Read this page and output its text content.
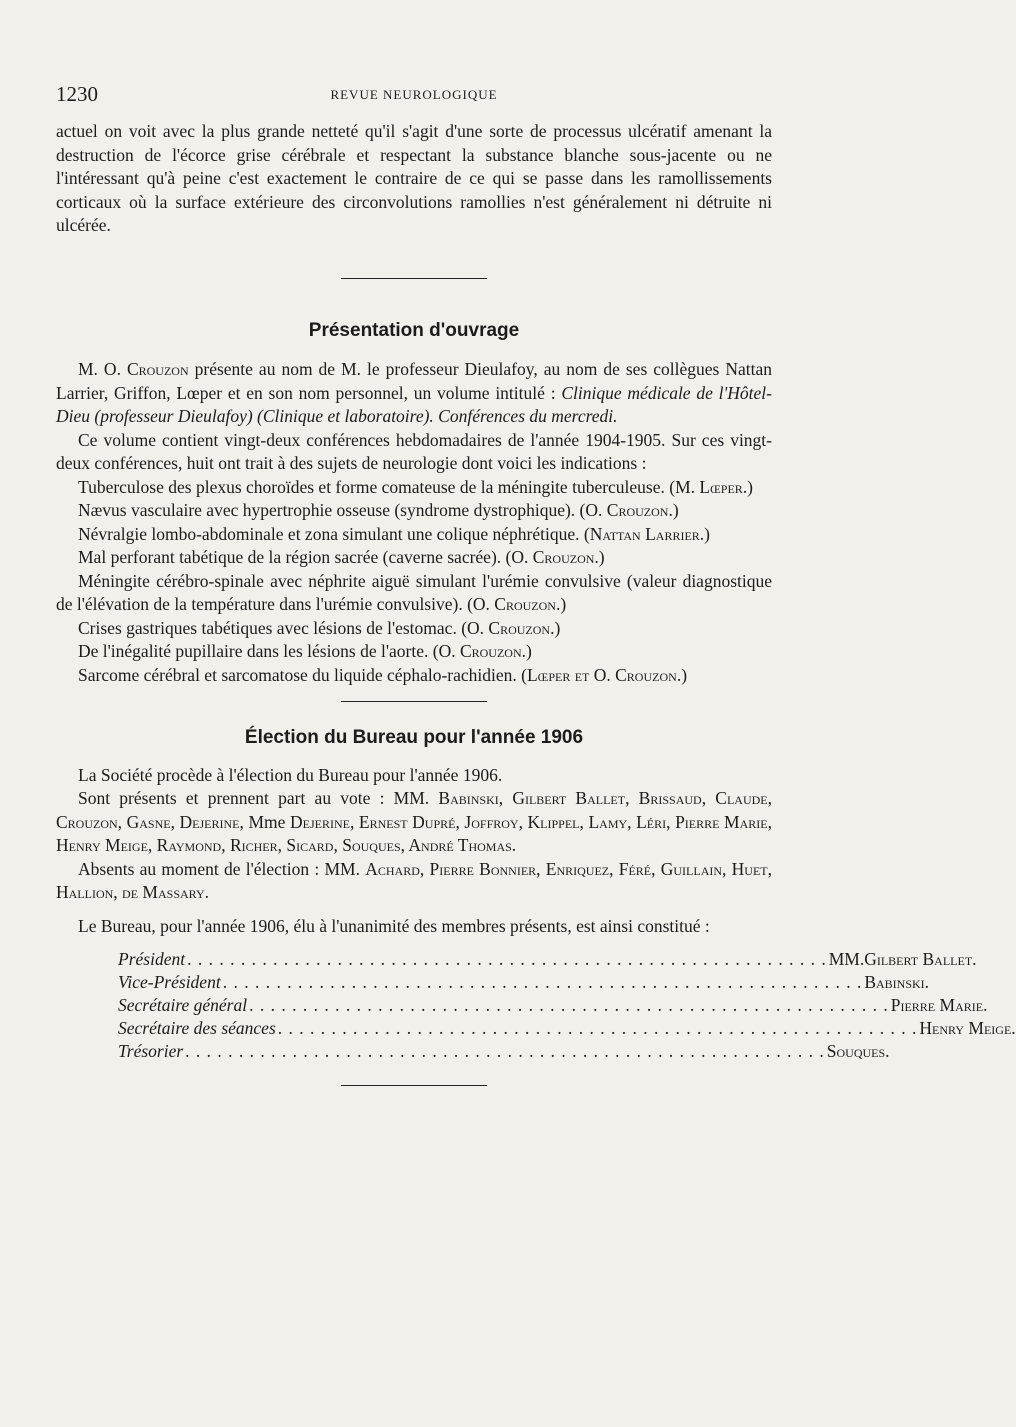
1230	REVUE NEUROLOGIQUE

actuel on voit avec la plus grande netteté qu'il s'agit d'une sorte de processus ulcératif amenant la destruction de l'écorce grise cérébrale et respectant la substance blanche sous-jacente ou ne l'intéressant qu'à peine c'est exactement le contraire de ce qui se passe dans les ramollissements corticaux où la surface extérieure des circonvolutions ramollies n'est généralement ni détruite ni ulcérée.

Présentation d'ouvrage

M. O. Crouzon présente au nom de M. le professeur Dieulafoy, au nom de ses collègues Nattan Larrier, Griffon, Lœper et en son nom personnel, un volume intitulé : Clinique médicale de l'Hôtel-Dieu (professeur Dieulafoy) (Clinique et laboratoire). Conférences du mercredi.

Ce volume contient vingt-deux conférences hebdomadaires de l'année 1904-1905. Sur ces vingt-deux conférences, huit ont trait à des sujets de neurologie dont voici les indications :

Tuberculose des plexus choroïdes et forme comateuse de la méningite tuberculeuse. (M. Lœper.)

Nævus vasculaire avec hypertrophie osseuse (syndrome dystrophique). (O. Crouzon.)

Névralgie lombo-abdominale et zona simulant une colique néphrétique. (Nattan Larrier.)

Mal perforant tabétique de la région sacrée (caverne sacrée). (O. Crouzon.)

Méningite cérébro-spinale avec néphrite aiguë simulant l'urémie convulsive (valeur diagnostique de l'élévation de la température dans l'urémie convulsive). (O. Crouzon.)

Crises gastriques tabétiques avec lésions de l'estomac. (O. Crouzon.)

De l'inégalité pupillaire dans les lésions de l'aorte. (O. Crouzon.)

Sarcome cérébral et sarcomatose du liquide céphalo-rachidien. (Lœper et O. Crouzon.)

Élection du Bureau pour l'année 1906

La Société procède à l'élection du Bureau pour l'année 1906.

Sont présents et prennent part au vote : MM. Babinski, Gilbert Ballet, Brissaud, Claude, Crouzon, Gasne, Dejerine, Mme Dejerine, Ernest Dupré, Joffroy, Klippel, Lamy, Léri, Pierre Marie, Henry Meige, Raymond, Richer, Sicard, Souques, André Thomas.

Absents au moment de l'élection : MM. Achard, Pierre Bonnier, Enriquez, Féré, Guillain, Huet, Hallion, de Massary.

Le Bureau, pour l'année 1906, élu à l'unanimité des membres présents, est ainsi constitué :

Président . . . . . . . . . . . . . . . . . . . . . . . . . . . . . . . . . . . . . . . . . . . . . . . . . . . . . . . . . . . . MM. Gilbert Ballet.
Vice-Président . . . . . . . . . . . . . . . . . . . . . . . . . . . . . . . . . . . . . . . . . . . . . . . . . . . . . . . . . . . . Babinski.
Secrétaire général . . . . . . . . . . . . . . . . . . . . . . . . . . . . . . . . . . . . . . . . . . . . . . . . . . . . . . . . . . . . Pierre Marie.
Secrétaire des séances . . . . . . . . . . . . . . . . . . . . . . . . . . . . . . . . . . . . . . . . . . . . . . . . . . . . . . . . . . . . Henry Meige.
Trésorier . . . . . . . . . . . . . . . . . . . . . . . . . . . . . . . . . . . . . . . . . . . . . . . . . . . . . . . . . . . . Souques.
